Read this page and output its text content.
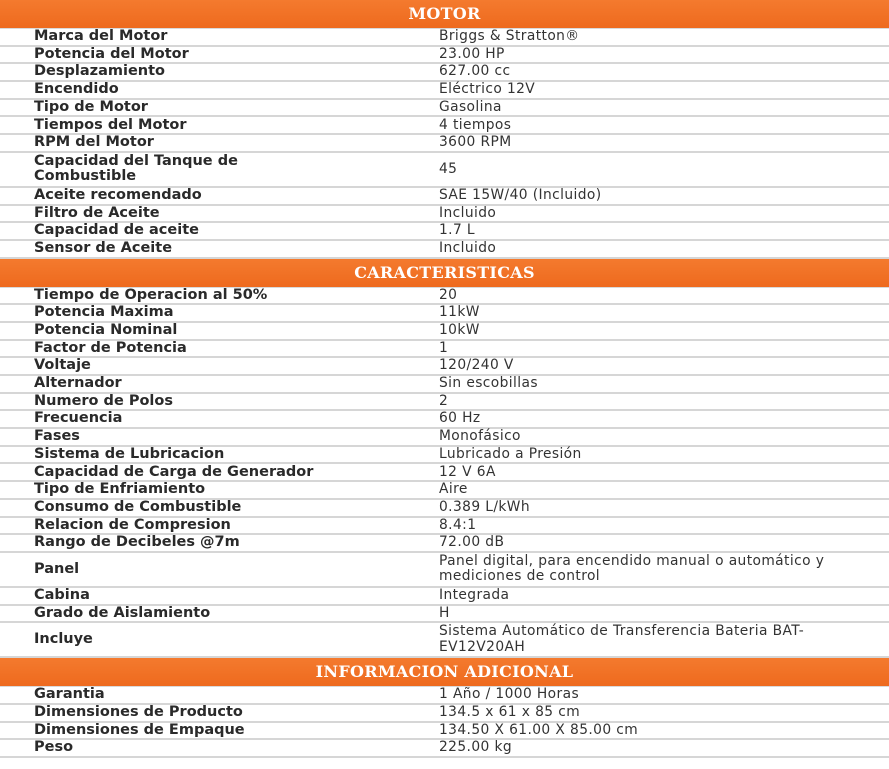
MOTOR
Marca del Motor	Briggs & Stratton®
Potencia del Motor	23.00 HP
Desplazamiento	627.00 cc
Encendido	Eléctrico 12V
Tipo de Motor	Gasolina
Tiempos del Motor	4 tiempos
RPM del Motor	3600 RPM
Capacidad del Tanque de Combustible	45
Aceite recomendado	SAE 15W/40 (Incluido)
Filtro de Aceite	Incluido
Capacidad de aceite	1.7 L
Sensor de Aceite	Incluido
CARACTERISTICAS
Tiempo de Operacion al 50%	20
Potencia Maxima	11kW
Potencia Nominal	10kW
Factor de Potencia	1
Voltaje	120/240 V
Alternador	Sin escobillas
Numero de Polos	2
Frecuencia	60 Hz
Fases	Monofásico
Sistema de Lubricacion	Lubricado a Presión
Capacidad de Carga de Generador	12 V 6A
Tipo de Enfriamiento	Aire
Consumo de Combustible	0.389 L/kWh
Relacion de Compresion	8.4:1
Rango de Decibeles @7m	72.00 dB
Panel	Panel digital, para encendido manual o automático y mediciones de control
Cabina	Integrada
Grado de Aislamiento	H
Incluye	Sistema Automático de Transferencia Bateria BAT-EV12V20AH
INFORMACION ADICIONAL
Garantia	1 Año / 1000 Horas
Dimensiones de Producto	134.5 x 61 x 85 cm
Dimensiones de Empaque	134.50 X 61.00 X 85.00 cm
Peso	225.00 kg
